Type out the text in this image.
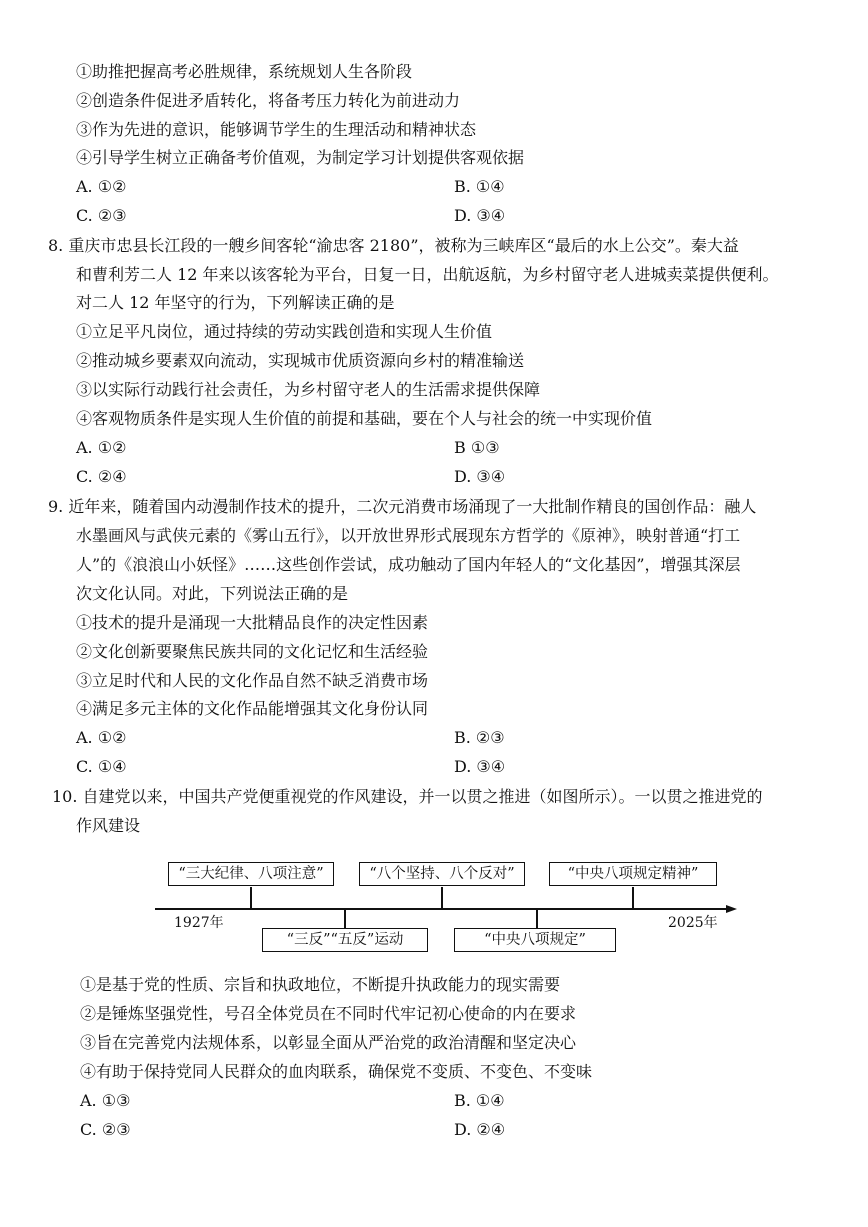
①助推把握高考必胜规律，系统规划人生各阶段
②创造条件促进矛盾转化，将备考压力转化为前进动力
③作为先进的意识，能够调节学生的生理活动和精神状态
④引导学生树立正确备考价值观，为制定学习计划提供客观依据
A. ①②	B. ①④
C. ②③	D. ③④
8. 重庆市忠县长江段的一艘乡间客轮“渝忠客 2180”，被称为三峡库区“最后的水上公交”。秦大益
和曹利芳二人 12 年来以该客轮为平台，日复一日，出航返航，为乡村留守老人进城卖菜提供便利。
对二人 12 年坚守的行为，下列解读正确的是
①立足平凡岗位，通过持续的劳动实践创造和实现人生价值
②推动城乡要素双向流动，实现城市优质资源向乡村的精准输送
③以实际行动践行社会责任，为乡村留守老人的生活需求提供保障
④客观物质条件是实现人生价值的前提和基础，要在个人与社会的统一中实现价值
A. ①②	B ①③
C. ②④	D. ③④
9. 近年来，随着国内动漫制作技术的提升，二次元消费市场涌现了一大批制作精良的国创作品：融人
水墨画风与武侠元素的《雾山五行》，以开放世界形式展现东方哲学的《原神》，映射普通“打工
人”的《浪浪山小妖怪》……这些创作尝试，成功触动了国内年轻人的“文化基因”，增强其深层
次文化认同。对此，下列说法正确的是
①技术的提升是涌现一大批精品良作的决定性因素
②文化创新要聚焦民族共同的文化记忆和生活经验
③立足时代和人民的文化作品自然不缺乏消费市场
④满足多元主体的文化作品能增强其文化身份认同
A. ①②	B. ②③
C. ①④	D. ③④
10. 自建党以来，中国共产党便重视党的作风建设，并一以贯之推进（如图所示）。一以贯之推进党的
作风建设
“三大纪律、八项注意”	“八个坚持、八个反对”	“中央八项规定精神”
1927年	2025年
“三反”“五反”运动	“中央八项规定”
①是基于党的性质、宗旨和执政地位，不断提升执政能力的现实需要
②是锤炼坚强党性，号召全体党员在不同时代牢记初心使命的内在要求
③旨在完善党内法规体系，以彰显全面从严治党的政治清醒和坚定决心
④有助于保持党同人民群众的血肉联系，确保党不变质、不变色、不变味
A. ①③	B. ①④
C. ②③	D. ②④
